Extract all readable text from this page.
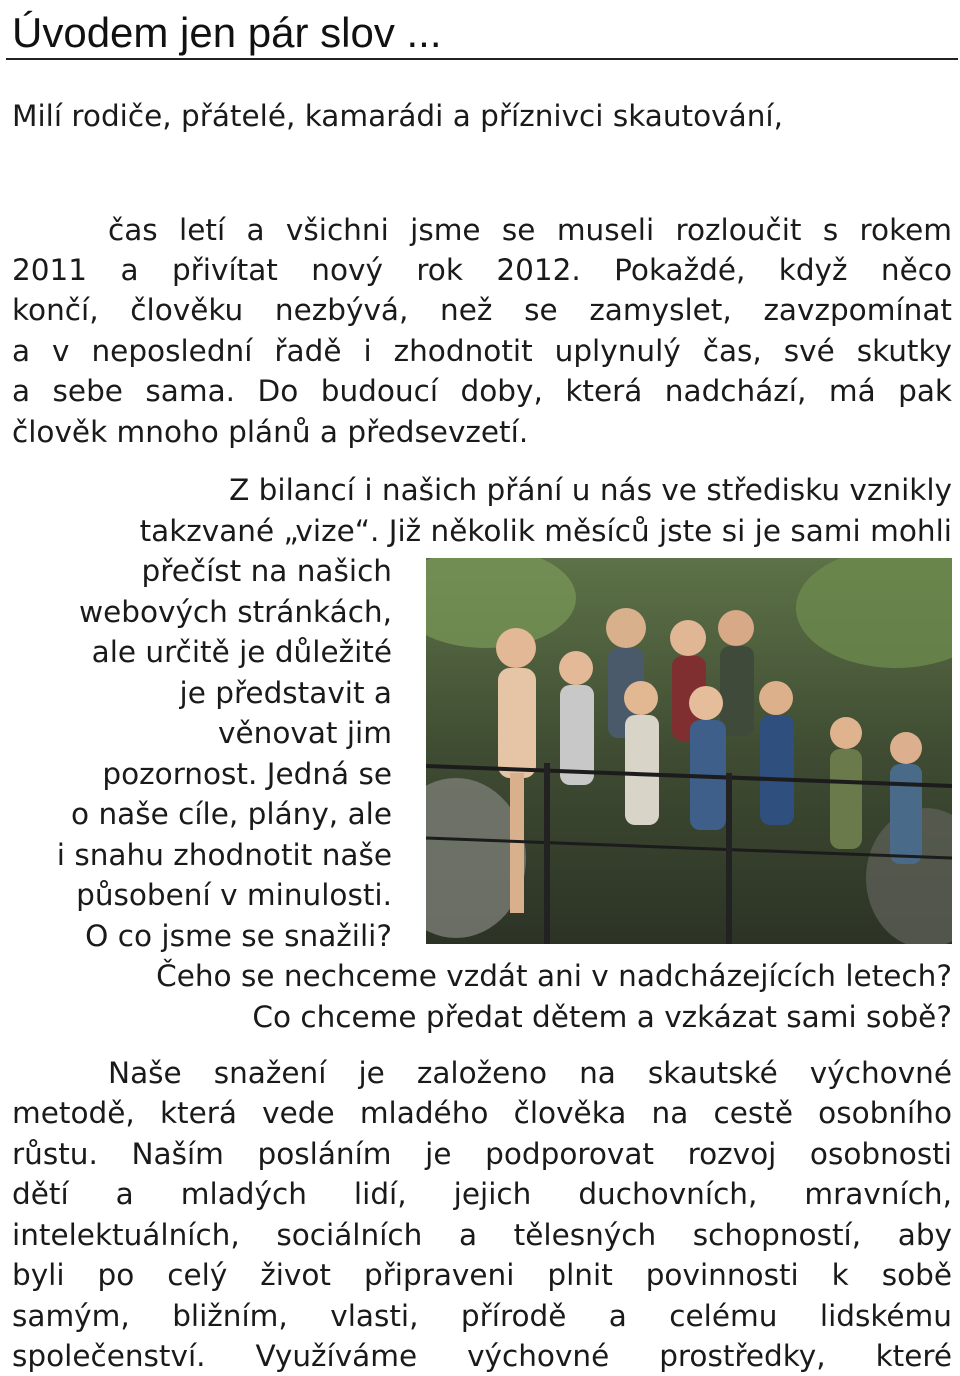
Úvodem jen pár slov ...

Milí rodiče, přátelé, kamarádi a příznivci skautování,

čas letí a všichni jsme se museli rozloučit s rokem

2011 a přivítat nový rok 2012. Pokaždé, když něco

končí, člověku nezbývá, než se zamyslet, zavzpomínat

a v neposlední řadě i zhodnotit uplynulý čas, své skutky

a sebe sama. Do budoucí doby, která nadchází, má pak

člověk mnoho plánů a předsevzetí.

Z bilancí i našich přání u nás ve středisku vznikly

takzvané „vize“. Již několik měsíců jste si je sami mohli

přečíst na našich

webových stránkách,

ale určitě je důležité

je představit a

věnovat jim

pozornost. Jedná se

o naše cíle, plány, ale

i snahu zhodnotit naše

působení v minulosti.

O co jsme se snažili?

Čeho se nechceme vzdát ani v nadcházejících letech?

Co chceme předat dětem a vzkázat sami sobě?

Naše snažení je založeno na skautské výchovné

metodě, která vede mladého člověka na cestě osobního

růstu. Naším posláním je podporovat rozvoj osobnosti

dětí a mladých lidí, jejich duchovních, mravních,

intelektuálních, sociálních a tělesných schopností, aby

byli po celý život připraveni plnit povinnosti k sobě

samým, bližním, vlasti, přírodě a celému lidskému

společenství. Využíváme výchovné prostředky, které
